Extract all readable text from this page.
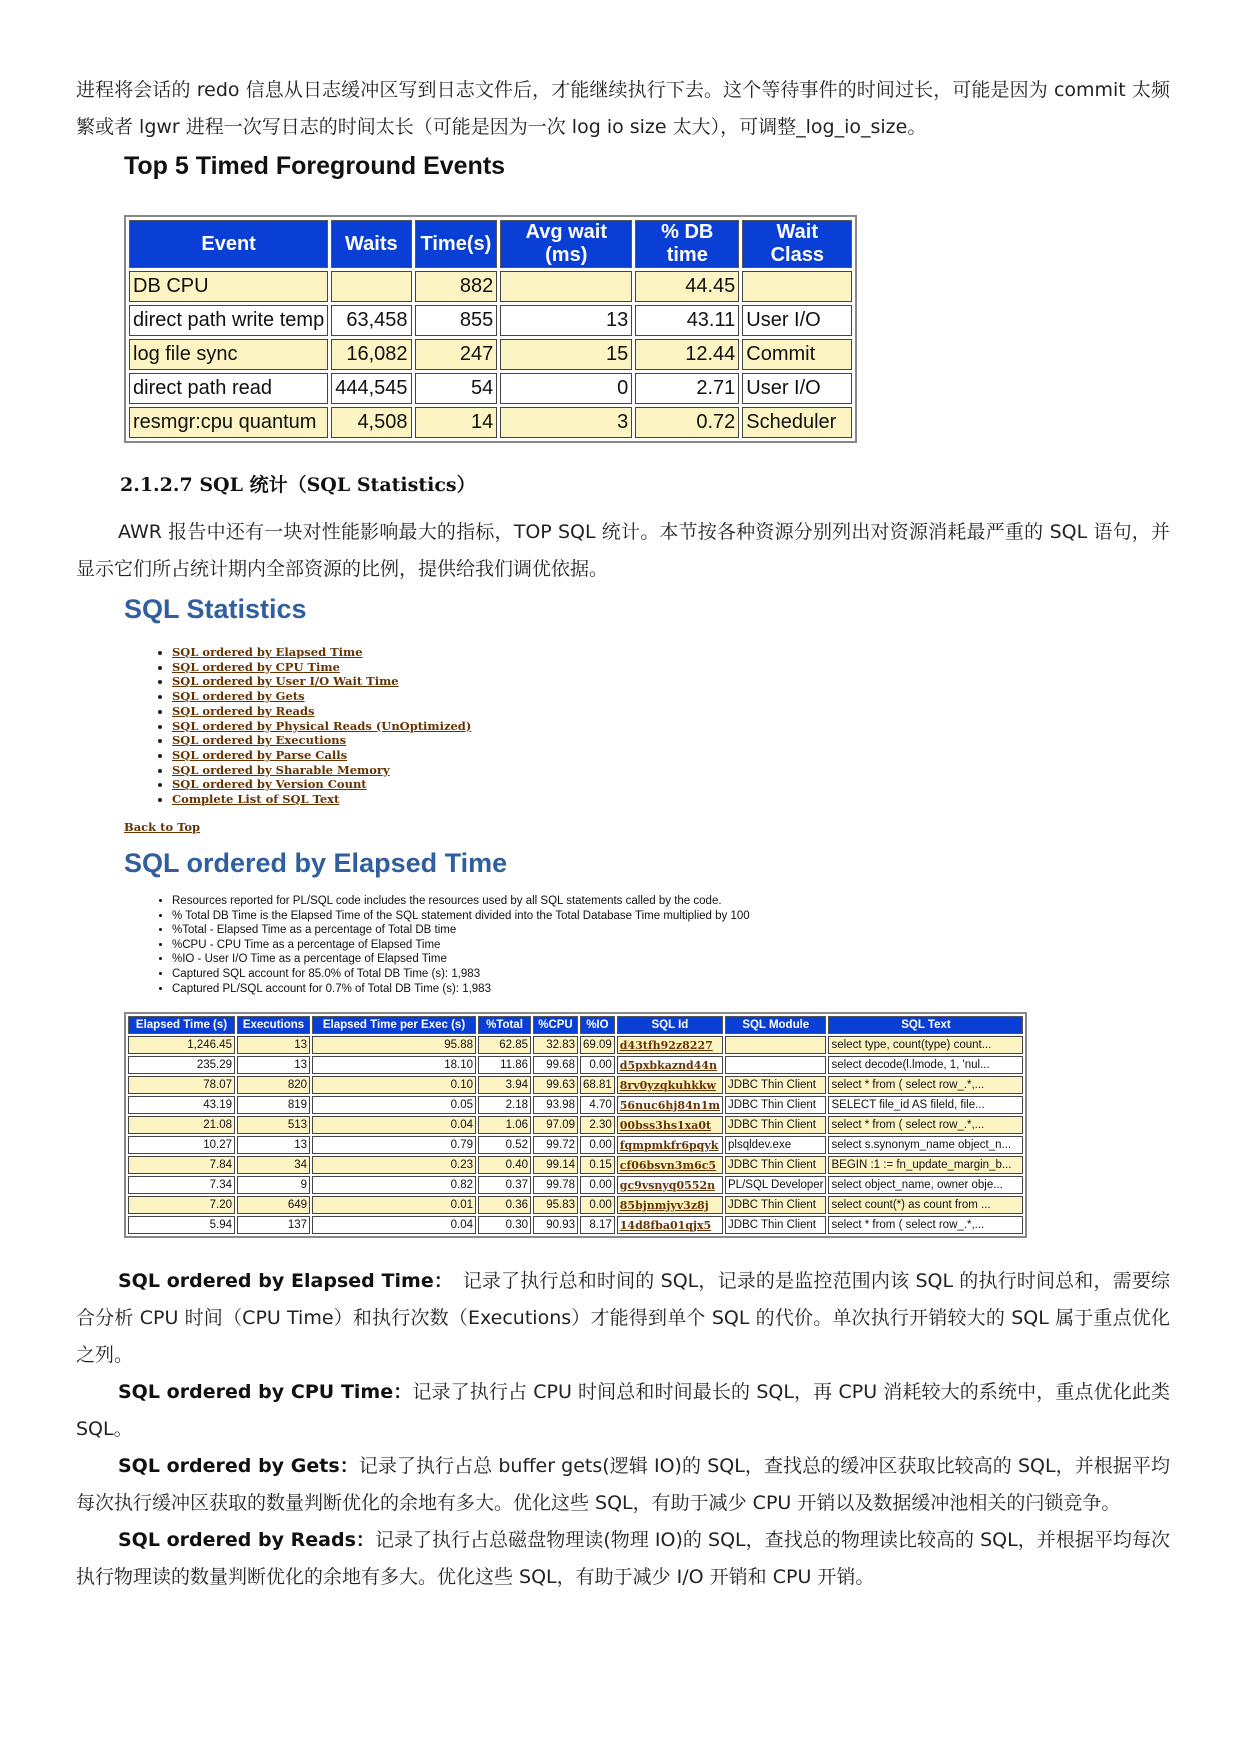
进程将会话的 redo 信息从日志缓冲区写到日志文件后，才能继续执行下去。这个等待事件的时间过长，可能是因为 commit 太频繁或者 lgwr 进程一次写日志的时间太长（可能是因为一次 log io size 太大），可调整_log_io_size。

Top 5 Timed Foreground Events
Event	Waits	Time(s)	Avg wait (ms)	% DB time	Wait Class
DB CPU		882		44.45	
direct path write temp	63,458	855	13	43.11	User I/O
log file sync	16,082	247	15	12.44	Commit
direct path read	444,545	54	0	2.71	User I/O
resmgr:cpu quantum	4,508	14	3	0.72	Scheduler
2.1.2.7 SQL 统计（SQL Statistics）

AWR 报告中还有一块对性能影响最大的指标，TOP SQL 统计。本节按各种资源分别列出对资源消耗最严重的 SQL 语句，并显示它们所占统计期内全部资源的比例，提供给我们调优依据。

SQL Statistics
• SQL ordered by Elapsed Time
• SQL ordered by CPU Time
• SQL ordered by User I/O Wait Time
• SQL ordered by Gets
• SQL ordered by Reads
• SQL ordered by Physical Reads (UnOptimized)
• SQL ordered by Executions
• SQL ordered by Parse Calls
• SQL ordered by Sharable Memory
• SQL ordered by Version Count
• Complete List of SQL Text
Back to Top
SQL ordered by Elapsed Time
• Resources reported for PL/SQL code includes the resources used by all SQL statements called by the code.
• % Total DB Time is the Elapsed Time of the SQL statement divided into the Total Database Time multiplied by 100
• %Total - Elapsed Time as a percentage of Total DB time
• %CPU - CPU Time as a percentage of Elapsed Time
• %IO - User I/O Time as a percentage of Elapsed Time
• Captured SQL account for 85.0% of Total DB Time (s): 1,983
• Captured PL/SQL account for 0.7% of Total DB Time (s): 1,983
Elapsed Time (s)	Executions	Elapsed Time per Exec (s)	%Total	%CPU	%IO	SQL Id	SQL Module	SQL Text
1,246.45	13	95.88	62.85	32.83	69.09	d43tfh92z8227		select type, count(type) count...
235.29	13	18.10	11.86	99.68	0.00	d5pxbkaznd44n		select decode(l.lmode, 1, 'nul...
78.07	820	0.10	3.94	99.63	68.81	8rv0yzqkuhkkw	JDBC Thin Client	select * from ( select row_.*,...
43.19	819	0.05	2.18	93.98	4.70	56nuc6hj84n1m	JDBC Thin Client	SELECT file_id AS fileld, file...
21.08	513	0.04	1.06	97.09	2.30	00bss3hs1xa0t	JDBC Thin Client	select * from ( select row_.*,...
10.27	13	0.79	0.52	99.72	0.00	fqmpmkfr6pqyk	plsqldev.exe	select s.synonym_name object_n...
7.84	34	0.23	0.40	99.14	0.15	cf06bsvn3m6c5	JDBC Thin Client	BEGIN :1 := fn_update_margin_b...
7.34	9	0.82	0.37	99.78	0.00	gc9vsnyq0552n	PL/SQL Developer	select object_name, owner obje...
7.20	649	0.01	0.36	95.83	0.00	85bjnmjyv3z8j	JDBC Thin Client	select count(*) as count from ...
5.94	137	0.04	0.30	90.93	8.17	14d8fba01qjx5	JDBC Thin Client	select * from ( select row_.*,...

SQL ordered by Elapsed Time：　记录了执行总和时间的 SQL，记录的是监控范围内该 SQL 的执行时间总和，需要综合分析 CPU 时间（CPU Time）和执行次数（Executions）才能得到单个 SQL 的代价。单次执行开销较大的 SQL 属于重点优化之列。

SQL ordered by CPU Time：记录了执行占 CPU 时间总和时间最长的 SQL，再 CPU 消耗较大的系统中，重点优化此类 SQL。

SQL ordered by Gets：记录了执行占总 buffer gets(逻辑 IO)的 SQL，查找总的缓冲区获取比较高的 SQL，并根据平均每次执行缓冲区获取的数量判断优化的余地有多大。优化这些 SQL，有助于减少 CPU 开销以及数据缓冲池相关的闩锁竞争。

SQL ordered by Reads：记录了执行占总磁盘物理读(物理 IO)的 SQL，查找总的物理读比较高的 SQL，并根据平均每次执行物理读的数量判断优化的余地有多大。优化这些 SQL，有助于减少 I/O 开销和 CPU 开销。
